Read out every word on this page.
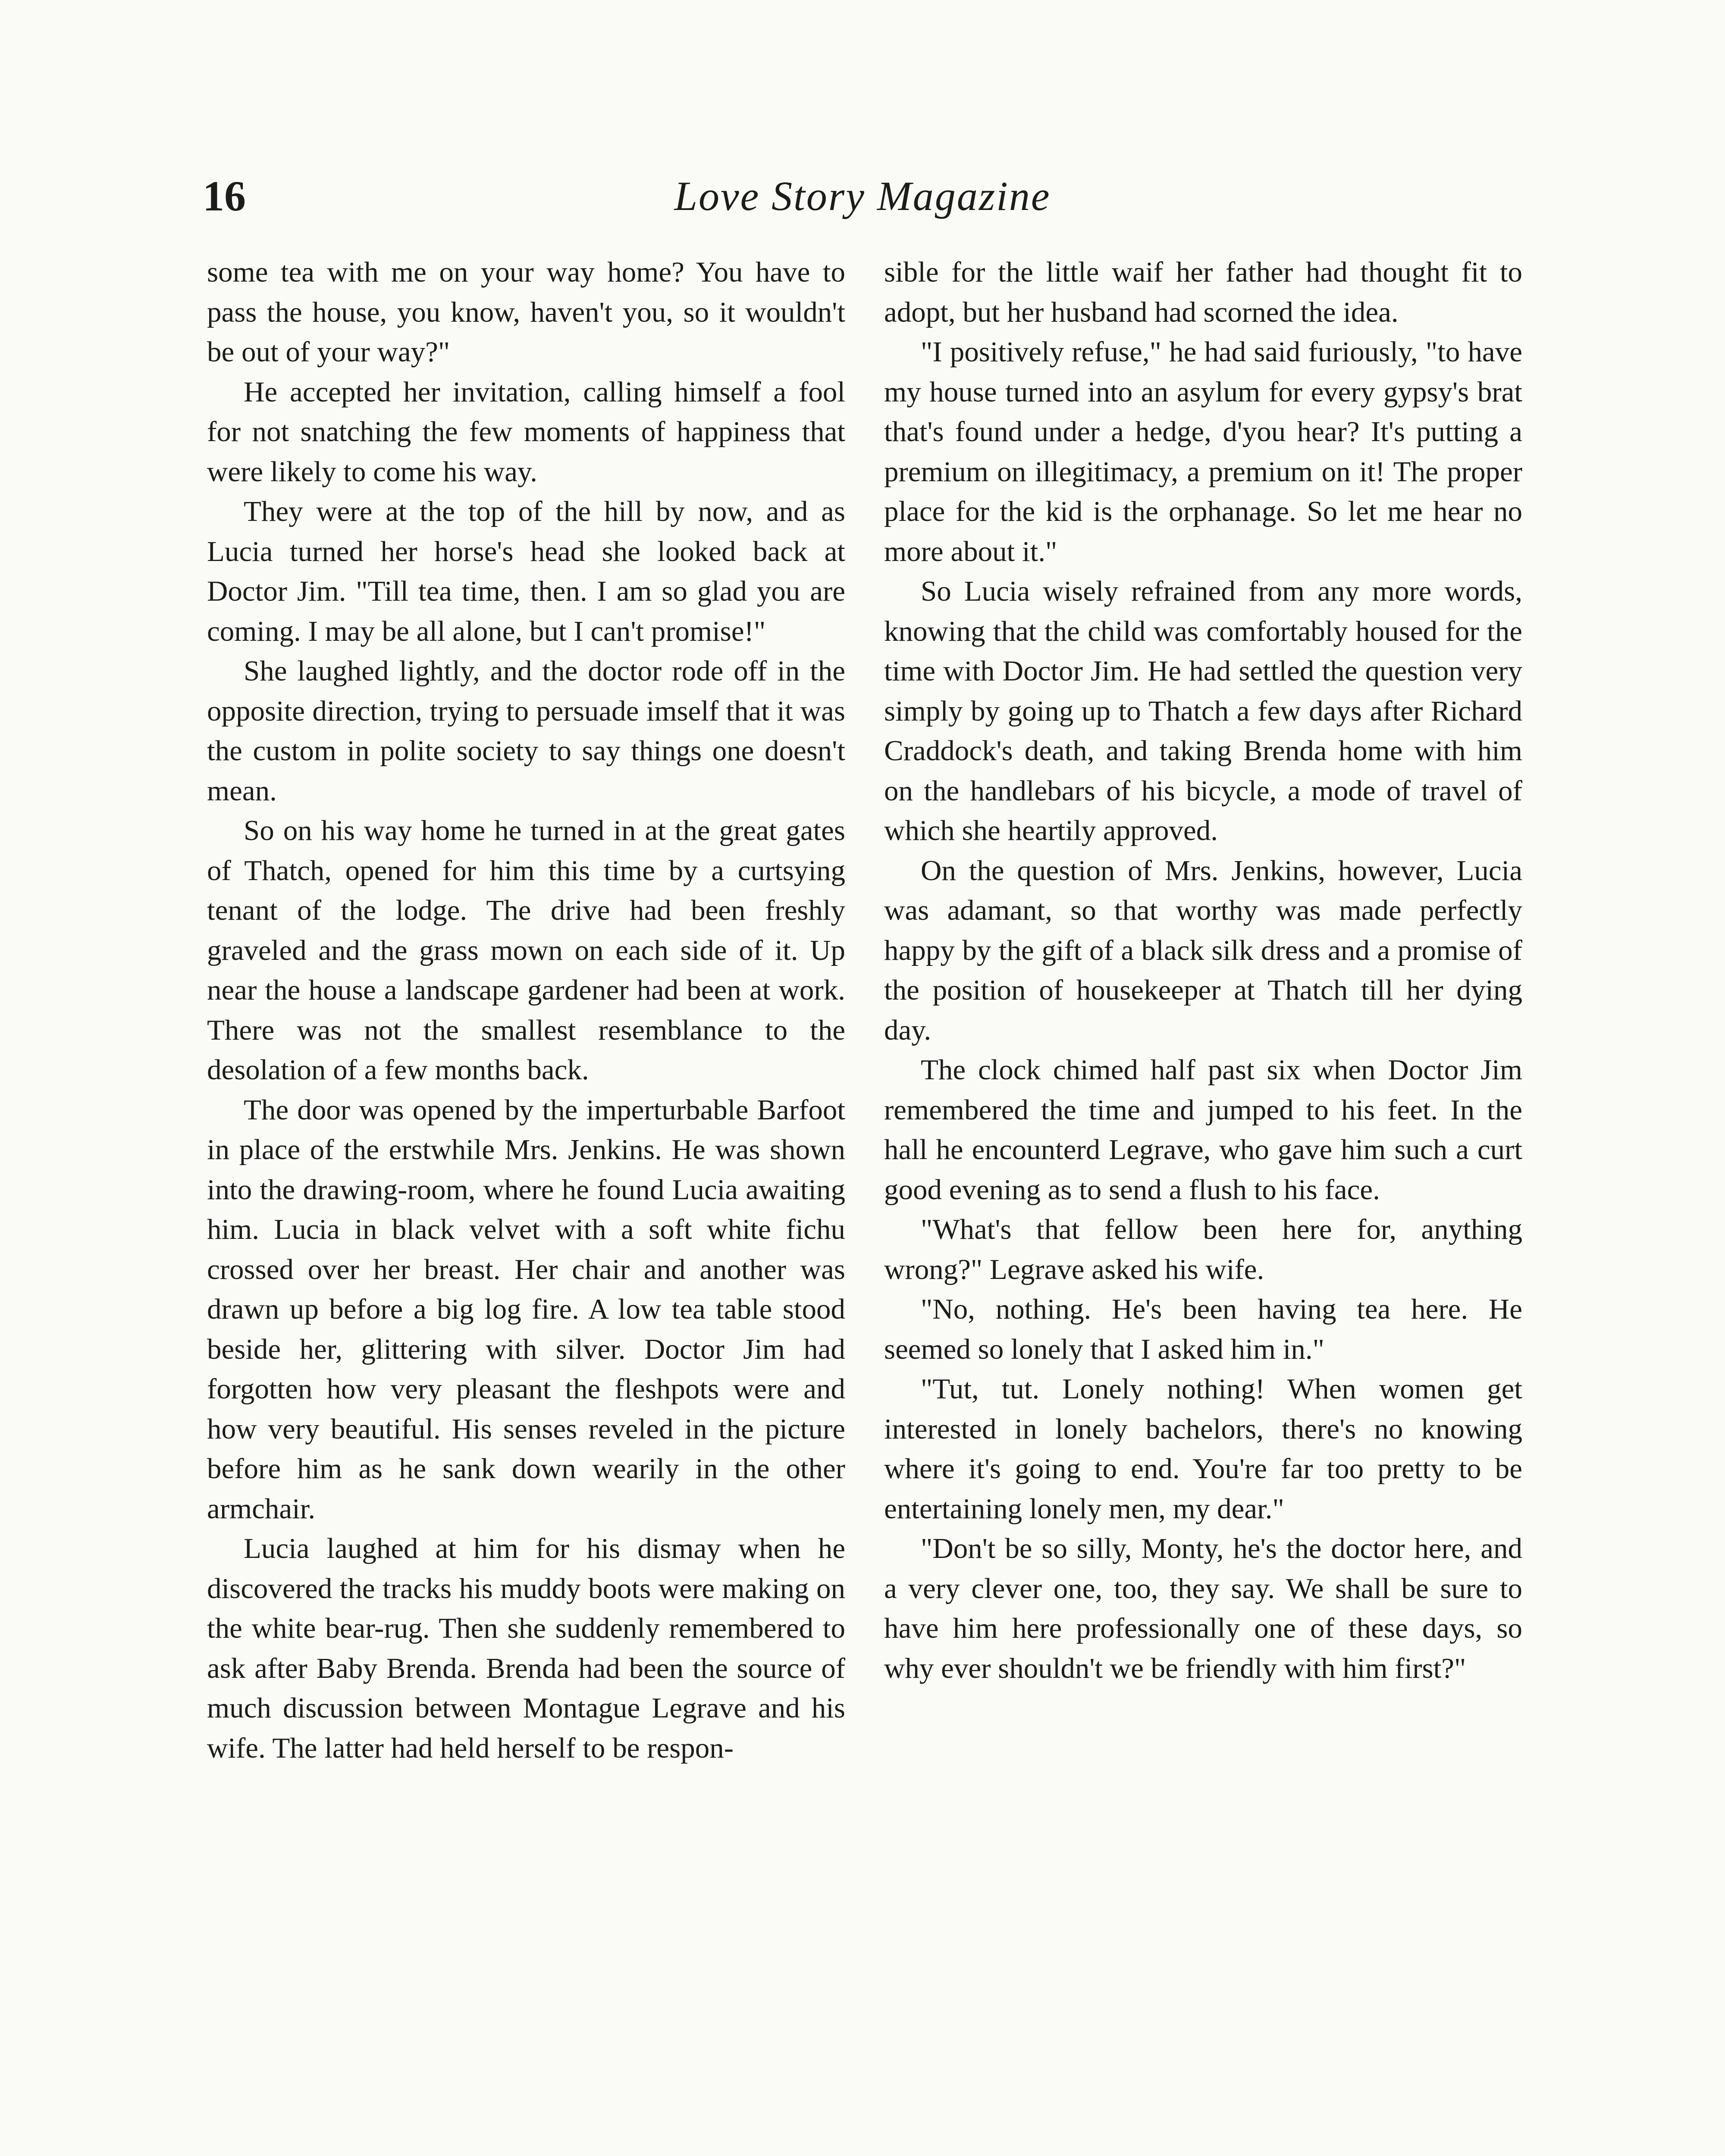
16	Love Story Magazine

some tea with me on your way home? You have to pass the house, you know, haven't you, so it wouldn't be out of your way?"

He accepted her invitation, calling himself a fool for not snatching the few moments of happiness that were likely to come his way.

They were at the top of the hill by now, and as Lucia turned her horse's head she looked back at Doctor Jim. "Till tea time, then. I am so glad you are coming. I may be all alone, but I can't promise!"

She laughed lightly, and the doctor rode off in the opposite direction, trying to persuade imself that it was the custom in polite society to say things one doesn't mean.

So on his way home he turned in at the great gates of Thatch, opened for him this time by a curtsying tenant of the lodge. The drive had been freshly graveled and the grass mown on each side of it. Up near the house a landscape gardener had been at work. There was not the smallest resemblance to the desolation of a few months back.

The door was opened by the imperturbable Barfoot in place of the erstwhile Mrs. Jenkins. He was shown into the drawing-room, where he found Lucia awaiting him. Lucia in black velvet with a soft white fichu crossed over her breast. Her chair and another was drawn up before a big log fire. A low tea table stood beside her, glittering with silver. Doctor Jim had forgotten how very pleasant the fleshpots were and how very beautiful. His senses reveled in the picture before him as he sank down wearily in the other armchair.

Lucia laughed at him for his dismay when he discovered the tracks his muddy boots were making on the white bear-rug. Then she suddenly remembered to ask after Baby Brenda. Brenda had been the source of much discussion between Montague Legrave and his wife. The latter had held herself to be respon-

sible for the little waif her father had thought fit to adopt, but her husband had scorned the idea.

"I positively refuse," he had said furiously, "to have my house turned into an asylum for every gypsy's brat that's found under a hedge, d'you hear? It's putting a premium on illegitimacy, a premium on it! The proper place for the kid is the orphanage. So let me hear no more about it."

So Lucia wisely refrained from any more words, knowing that the child was comfortably housed for the time with Doctor Jim. He had settled the question very simply by going up to Thatch a few days after Richard Craddock's death, and taking Brenda home with him on the handlebars of his bicycle, a mode of travel of which she heartily approved.

On the question of Mrs. Jenkins, however, Lucia was adamant, so that worthy was made perfectly happy by the gift of a black silk dress and a promise of the position of housekeeper at Thatch till her dying day.

The clock chimed half past six when Doctor Jim remembered the time and jumped to his feet. In the hall he encounterd Legrave, who gave him such a curt good evening as to send a flush to his face.

"What's that fellow been here for, anything wrong?" Legrave asked his wife.

"No, nothing. He's been having tea here. He seemed so lonely that I asked him in."

"Tut, tut. Lonely nothing! When women get interested in lonely bachelors, there's no knowing where it's going to end. You're far too pretty to be entertaining lonely men, my dear."

"Don't be so silly, Monty, he's the doctor here, and a very clever one, too, they say. We shall be sure to have him here professionally one of these days, so why ever shouldn't we be friendly with him first?"
